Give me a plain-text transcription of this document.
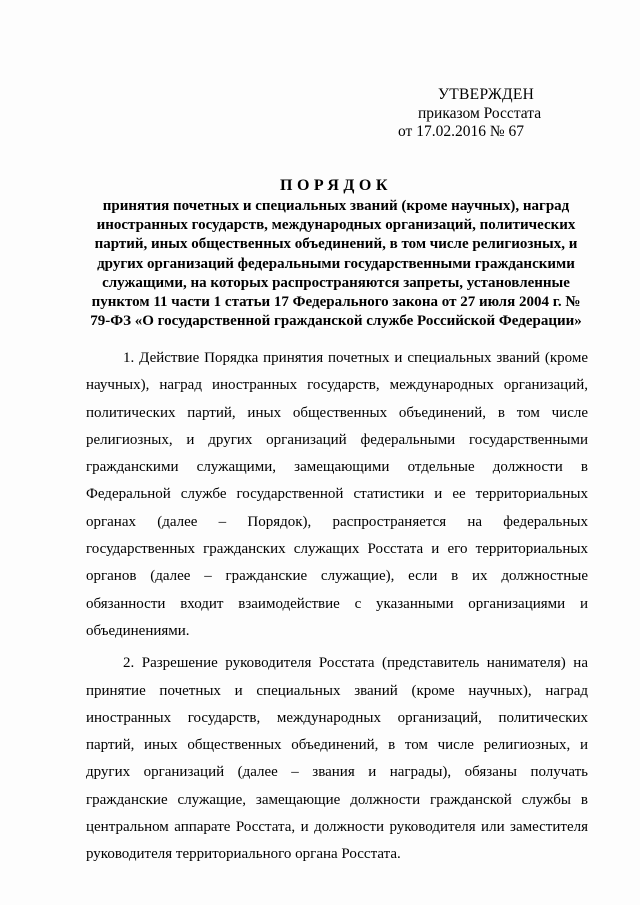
УТВЕРЖДЕН
приказом Росстата
от 17.02.2016 № 67
ПОРЯДОК
принятия почетных и специальных званий (кроме научных), наград иностранных государств, международных организаций, политических партий, иных общественных объединений, в том числе религиозных, и других организаций федеральными государственными гражданскими служащими, на которых распространяются запреты, установленные пунктом 11 части 1 статьи 17 Федерального закона от 27 июля 2004 г. № 79-ФЗ «О государственной гражданской службе Российской Федерации»

1. Действие Порядка принятия почетных и специальных званий (кроме научных), наград иностранных государств, международных организаций, политических партий, иных общественных объединений, в том числе религиозных, и других организаций федеральными государственными гражданскими служащими, замещающими отдельные должности в Федеральной службе государственной статистики и ее территориальных органах (далее – Порядок), распространяется на федеральных государственных гражданских служащих Росстата и его территориальных органов (далее – гражданские служащие), если в их должностные обязанности входит взаимодействие с указанными организациями и объединениями.

2. Разрешение руководителя Росстата (представитель нанимателя) на принятие почетных и специальных званий (кроме научных), наград иностранных государств, международных организаций, политических партий, иных общественных объединений, в том числе религиозных, и других организаций (далее – звания и награды), обязаны получать гражданские служащие, замещающие должности гражданской службы в центральном аппарате Росстата, и должности руководителя или заместителя руководителя территориального органа Росстата.
